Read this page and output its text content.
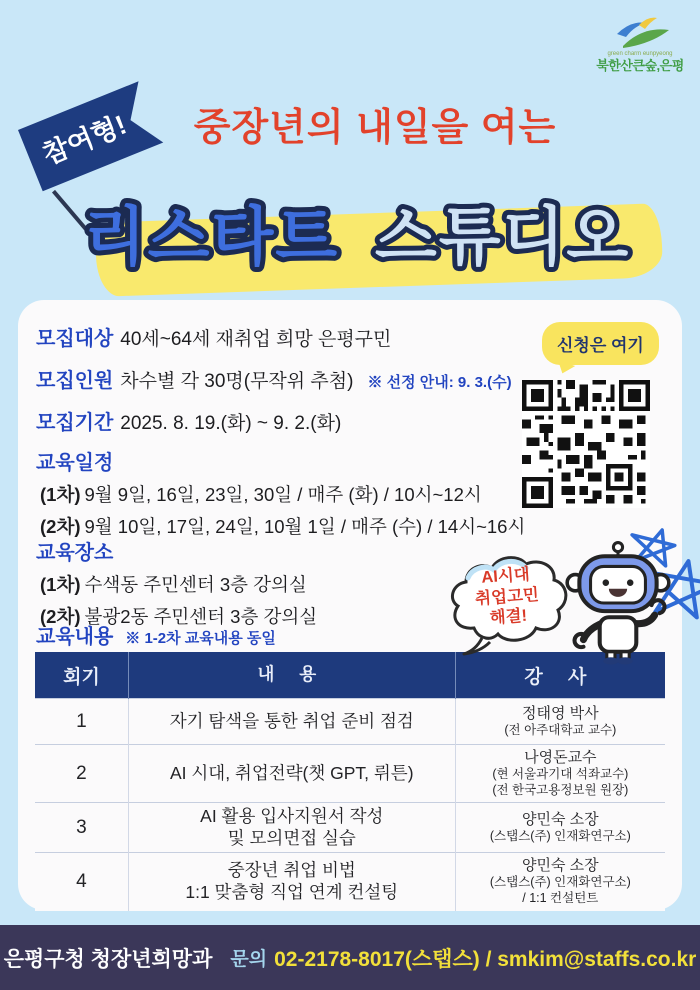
green charm eunpyeong
북한산큰숲,은평
참여형!	중장년의 내일을 여는
리스타트 스튜디오
모집대상 40세~64세 재취업 희망 은평구민
모집인원 차수별 각 30명(무작위 추첨) ※ 선정 안내: 9. 3.(수)
모집기간 2025. 8. 19.(화) ~ 9. 2.(화)
교육일정
(1차) 9월 9일, 16일, 23일, 30일 / 매주 (화) / 10시~12시
(2차) 9월 10일, 17일, 24일, 10월 1일 / 매주 (수) / 14시~16시
교육장소
(1차) 수색동 주민센터 3층 강의실
(2차) 불광2동 주민센터 3층 강의실
교육내용 ※ 1-2차 교육내용 동일
회기	내 용	강 사
1	자기 탐색을 통한 취업 준비 점검	정태영 박사
(전 아주대학교 교수)

2	AI 시대, 취업전략(챗 GPT, 뤼튼)	나영돈교수
(현 서울과기대 석좌교수)
(전 한국고용정보원 원장)

3	AI 활용 입사지원서 작성
및 모의면접 실습	양민숙 소장
(스탭스(주) 인재화연구소)

4	중장년 취업 비법
1:1 맞춤형 직업 연계 컨설팅	양민숙 소장
(스탭스(주) 인재화연구소)
/ 1:1 컨설턴트
신청은 여기
AI시대
취업고민
해결!
은평구청 청장년희망과 문의 02-2178-8017(스탭스) / smkim@staffs.co.kr
